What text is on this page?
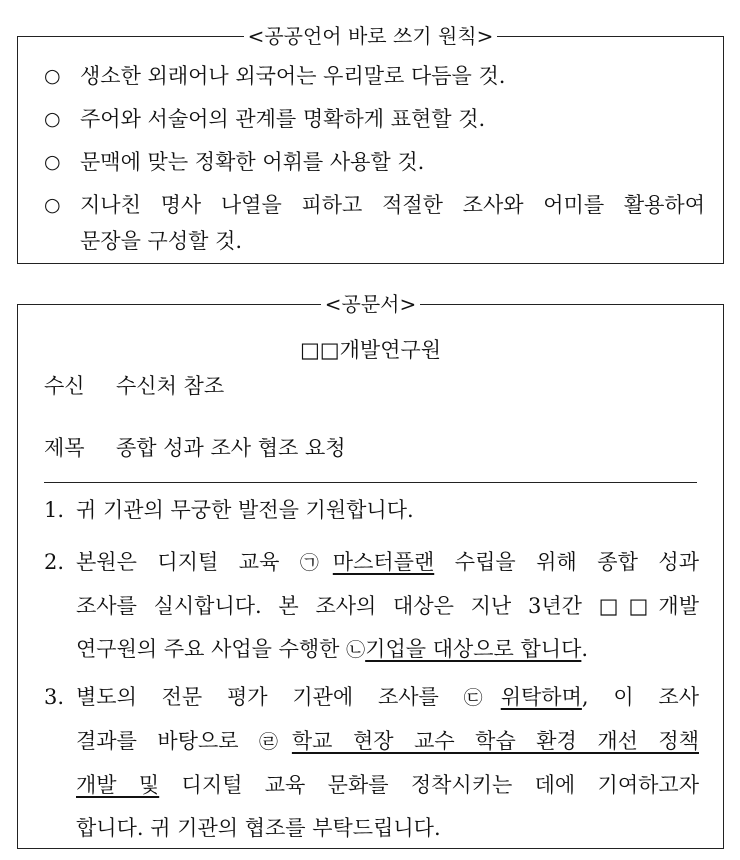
<공공언어 바로 쓰기 원칙>
○ 생소한 외래어나 외국어는 우리말로 다듬을 것.
○ 주어와 서술어의 관계를 명확하게 표현할 것.
○ 문맥에 맞는 정확한 어휘를 사용할 것.
○ 지나친 명사 나열을 피하고 적절한 조사와 어미를 활용하여
문장을 구성할 것.
<공문서>
□□개발연구원
수신 수신처 참조
제목 종합 성과 조사 협조 요청
1. 귀 기관의 무궁한 발전을 기원합니다.
2. 본원은 디지털 교육 ㉠마스터플랜 수립을 위해 종합 성과
조사를 실시합니다. 본 조사의 대상은 지난 3년간 □□개발
연구원의 주요 사업을 수행한 ㉡기업을 대상으로 합니다.
3. 별도의 전문 평가 기관에 조사를 ㉢위탁하며, 이 조사
결과를 바탕으로 ㉣학교 현장 교수 학습 환경 개선 정책
개발 및 디지털 교육 문화를 정착시키는 데에 기여하고자
합니다. 귀 기관의 협조를 부탁드립니다.
